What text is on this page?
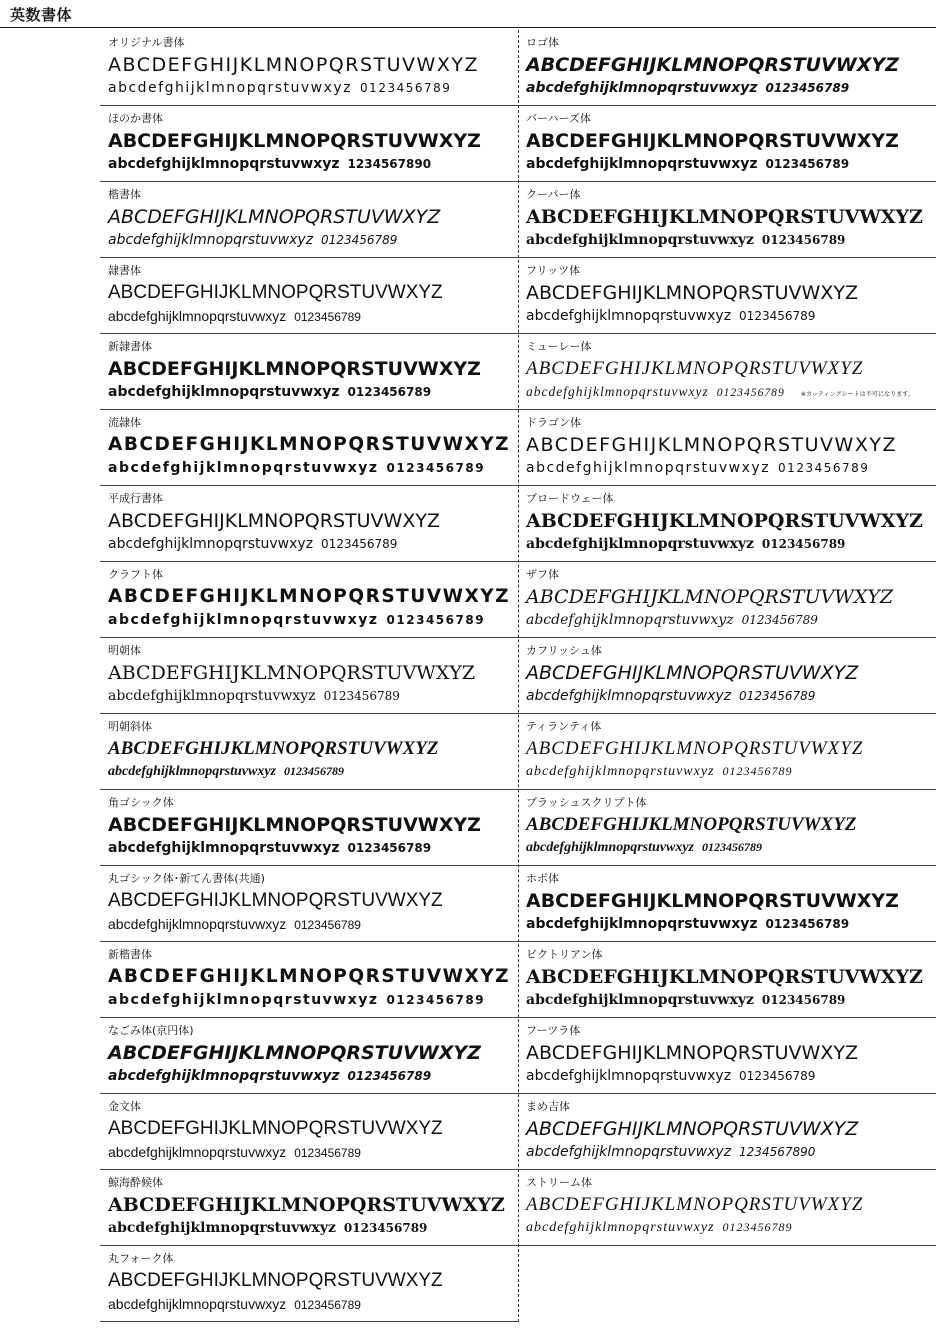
英数書体
オリジナル書体
ABCDEFGHIJKLMNOPQRSTUVWXYZ
abcdefghijklmnopqrstuvwxyz 0123456789
ほのか書体
ABCDEFGHIJKLMNOPQRSTUVWXYZ
abcdefghijklmnopqrstuvwxyz 1234567890
楷書体
ABCDEFGHIJKLMNOPQRSTUVWXYZ
abcdefghijklmnopqrstuvwxyz 0123456789
隷書体
ABCDEFGHIJKLMNOPQRSTUVWXYZ
abcdefghijklmnopqrstuvwxyz 0123456789
新隷書体
ABCDEFGHIJKLMNOPQRSTUVWXYZ
abcdefghijklmnopqrstuvwxyz 0123456789
流隷体
ABCDEFGHIJKLMNOPQRSTUVWXYZ
abcdefghijklmnopqrstuvwxyz 0123456789
平成行書体
ABCDEFGHIJKLMNOPQRSTUVWXYZ
abcdefghijklmnopqrstuvwxyz 0123456789
クラフト体
ABCDEFGHIJKLMNOPQRSTUVWXYZ
abcdefghijklmnopqrstuvwxyz 0123456789
明朝体
ABCDEFGHIJKLMNOPQRSTUVWXYZ
abcdefghijklmnopqrstuvwxyz 0123456789
明朝斜体
ABCDEFGHIJKLMNOPQRSTUVWXYZ
abcdefghijklmnopqrstuvwxyz 0123456789
角ゴシック体
ABCDEFGHIJKLMNOPQRSTUVWXYZ
abcdefghijklmnopqrstuvwxyz 0123456789
丸ゴシック体･新てん書体(共通)
ABCDEFGHIJKLMNOPQRSTUVWXYZ
abcdefghijklmnopqrstuvwxyz 0123456789
新楷書体
ABCDEFGHIJKLMNOPQRSTUVWXYZ
abcdefghijklmnopqrstuvwxyz 0123456789
なごみ体(京円体)
ABCDEFGHIJKLMNOPQRSTUVWXYZ
abcdefghijklmnopqrstuvwxyz 0123456789
金文体
ABCDEFGHIJKLMNOPQRSTUVWXYZ
abcdefghijklmnopqrstuvwxyz 0123456789
鯨海酔候体
ABCDEFGHIJKLMNOPQRSTUVWXYZ
abcdefghijklmnopqrstuvwxyz 0123456789
丸フォーク体
ABCDEFGHIJKLMNOPQRSTUVWXYZ
abcdefghijklmnopqrstuvwxyz 0123456789
ロゴ体
ABCDEFGHIJKLMNOPQRSTUVWXYZ
abcdefghijklmnopqrstuvwxyz 0123456789
バーハーズ体
ABCDEFGHIJKLMNOPQRSTUVWXYZ
abcdefghijklmnopqrstuvwxyz 0123456789
クーパー体
ABCDEFGHIJKLMNOPQRSTUVWXYZ
abcdefghijklmnopqrstuvwxyz 0123456789
フリッツ体
ABCDEFGHIJKLMNOPQRSTUVWXYZ
abcdefghijklmnopqrstuvwxyz 0123456789
ミューレー体
ABCDEFGHIJKLMNOPQRSTUVWXYZ
abcdefghijklmnopqrstuvwxyz 0123456789	※カッティングシートは不可になります。
ドラゴン体
ABCDEFGHIJKLMNOPQRSTUVWXYZ
abcdefghijklmnopqrstuvwxyz 0123456789
ブロードウェー体
ABCDEFGHIJKLMNOPQRSTUVWXYZ
abcdefghijklmnopqrstuvwxyz 0123456789
ザフ体
ABCDEFGHIJKLMNOPQRSTUVWXYZ
abcdefghijklmnopqrstuvwxyz 0123456789
カフリッシュ体
ABCDEFGHIJKLMNOPQRSTUVWXYZ
abcdefghijklmnopqrstuvwxyz 0123456789
ティランティ体
ABCDEFGHIJKLMNOPQRSTUVWXYZ
abcdefghijklmnopqrstuvwxyz 0123456789
ブラッシュスクリプト体
ABCDEFGHIJKLMNOPQRSTUVWXYZ
abcdefghijklmnopqrstuvwxyz 0123456789
ホボ体
ABCDEFGHIJKLMNOPQRSTUVWXYZ
abcdefghijklmnopqrstuvwxyz 0123456789
ビクトリアン体
ABCDEFGHIJKLMNOPQRSTUVWXYZ
abcdefghijklmnopqrstuvwxyz 0123456789
フーツラ体
ABCDEFGHIJKLMNOPQRSTUVWXYZ
abcdefghijklmnopqrstuvwxyz 0123456789
まめ吉体
ABCDEFGHIJKLMNOPQRSTUVWXYZ
abcdefghijklmnopqrstuvwxyz 1234567890
ストリーム体
ABCDEFGHIJKLMNOPQRSTUVWXYZ
abcdefghijklmnopqrstuvwxyz 0123456789
